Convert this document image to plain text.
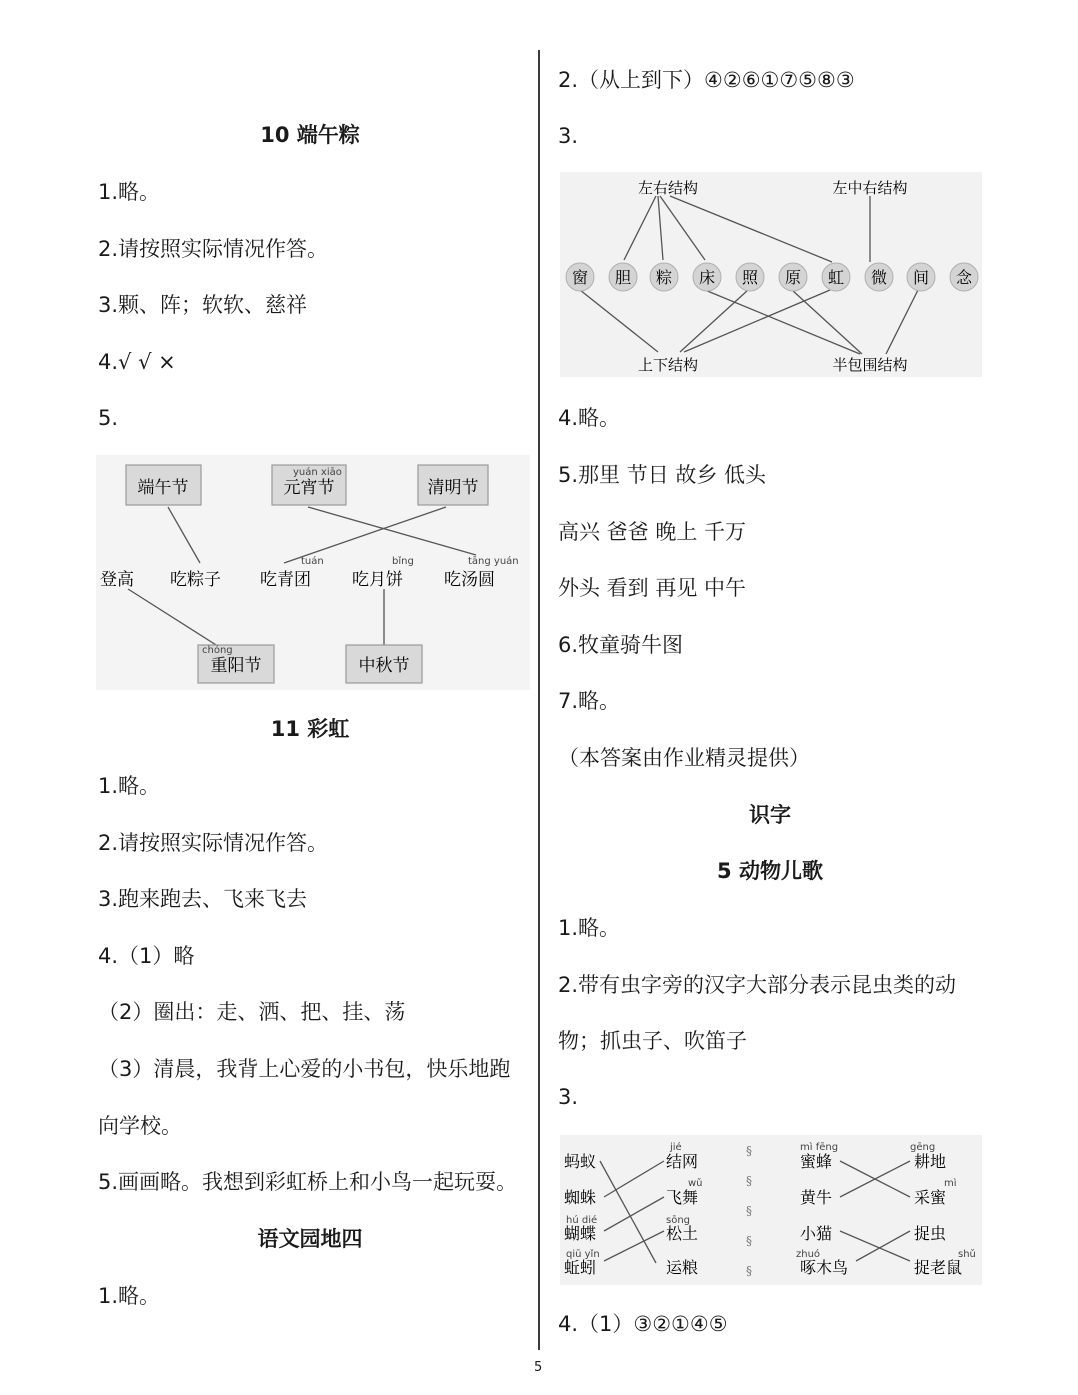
10 端午粽
1.略。
2.请按照实际情况作答。
3.颗、阵；软软、慈祥
4.√ √ ×
5.
端午节	元宵节	清明节
重阳节	中秋节
yuán xiāo
tuán	bǐng	tāng yuán
chóng
登高 吃粽子 吃青团 吃月饼 吃汤圆
11 彩虹
1.略。
2.请按照实际情况作答。
3.跑来跑去、飞来飞去
4.（1）略
（2）圈出：走、洒、把、挂、荡
（3）清晨，我背上心爱的小书包，快乐地跑
向学校。
5.画画略。我想到彩虹桥上和小鸟一起玩耍。
语文园地四
1.略。
2.（从上到下）④②⑥①⑦⑤⑧③
3.
窗 胆 粽 床 照 原 虹 微 间 念
左右结构	左中右结构
上下结构	半包围结构
4.略。
5.那里 节日 故乡 低头
高兴 爸爸 晚上 千万
外头 看到 再见 中午
6.牧童骑牛图
7.略。
（本答案由作业精灵提供）
识字
5 动物儿歌
1.略。
2.带有虫字旁的汉字大部分表示昆虫类的动
物；抓虫子、吹笛子
3.
§
§
§
§
§
蚂蚁
蜘蛛
蝴蝶
蚯蚓
结网
飞舞
松土
运粮
蜜蜂
黄牛
小猫
啄木鸟
耕地
采蜜
捉虫
捉老鼠
jié
wǔ
sōng
hú dié
qiū yǐn
mì fēng	gēng
mì
zhuó	shǔ
4.（1）③②①④⑤
5
